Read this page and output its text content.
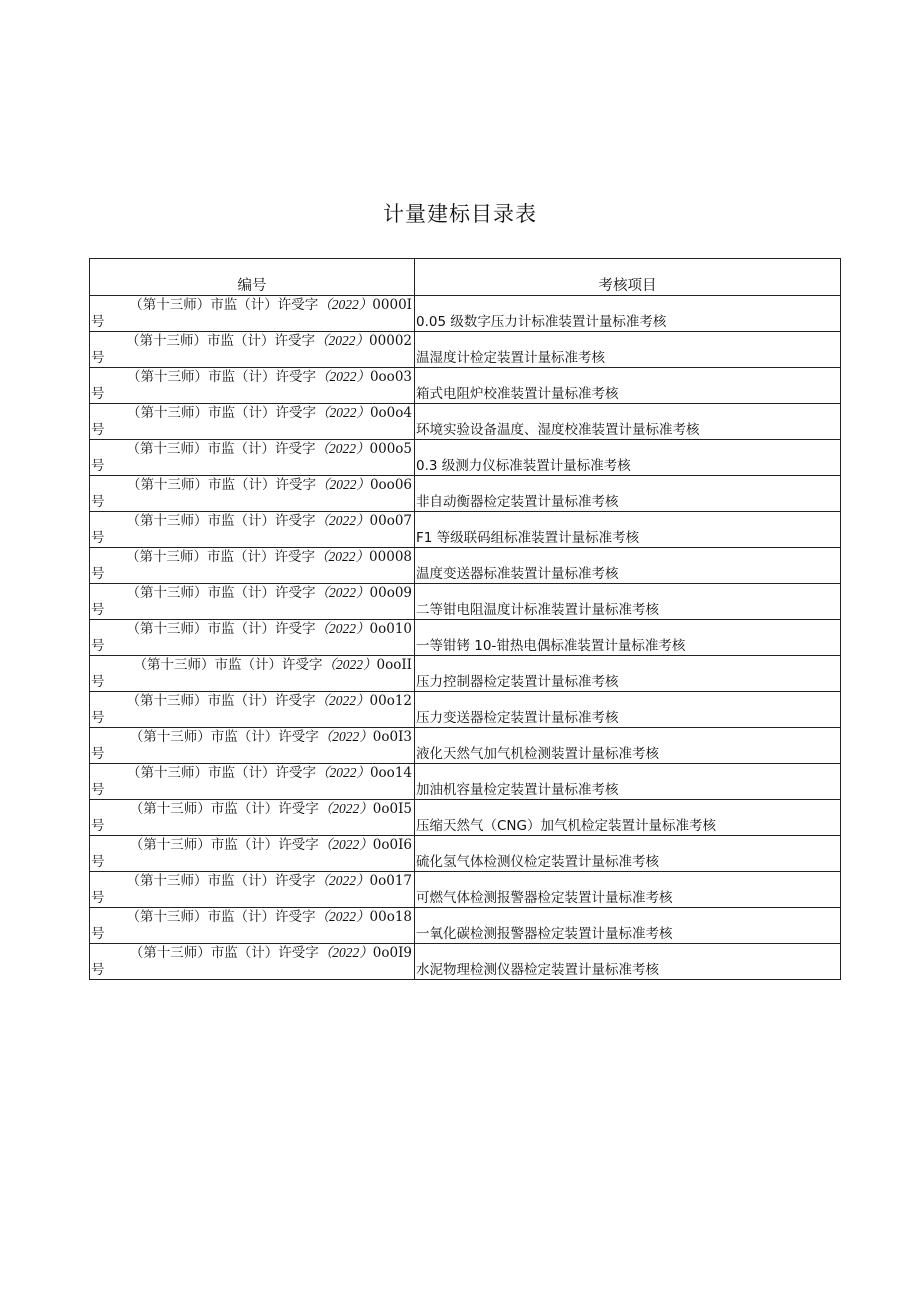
计量建标目录表
编号	考核项目

（第十三师）市监（计）许受字（2022）0000I
号	0.05 级数字压力计标准装置计量标准考核

（第十三师）市监（计）许受字（2022）00002
号	温湿度计检定装置计量标准考核

（第十三师）市监（计）许受字（2022）0oo03
号	箱式电阻炉校准装置计量标准考核

（第十三师）市监（计）许受字（2022）0o0o4
号	环境实验设备温度、湿度校准装置计量标准考核

（第十三师）市监（计）许受字（2022）000o5
号	0.3 级测力仪标准装置计量标准考核

（第十三师）市监（计）许受字（2022）0oo06
号	非自动衡器检定装置计量标准考核

（第十三师）市监（计）许受字（2022）00o07
号	F1 等级联码组标准装置计量标准考核

（第十三师）市监（计）许受字（2022）00008
号	温度变送器标准装置计量标准考核

（第十三师）市监（计）许受字（2022）00o09
号	二等钳电阻温度计标准装置计量标准考核

（第十三师）市监（计）许受字（2022）0o010
号	一等钳铐 10-钳热电偶标准装置计量标准考核

（第十三师）市监（计）许受字（2022）0ooII
号	压力控制器检定装置计量标准考核

（第十三师）市监（计）许受字（2022）00o12
号	压力变送器检定装置计量标准考核

（第十三师）市监（计）许受字（2022）0o0I3
号	液化天然气加气机检测装置计量标准考核

（第十三师）市监（计）许受字（2022）0oo14
号	加油机容量检定装置计量标准考核

（第十三师）市监（计）许受字（2022）0o0I5
号	压缩天然气（CNG）加气机检定装置计量标准考核

（第十三师）市监（计）许受字（2022）0o0I6
号	硫化氢气体检测仪检定装置计量标准考核

（第十三师）市监（计）许受字（2022）0o017
号	可燃气体检测报警器检定装置计量标准考核

（第十三师）市监（计）许受字（2022）00o18
号	一氧化碳检测报警器检定装置计量标准考核

（第十三师）市监（计）许受字（2022）0o0I9
号	水泥物理检测仪器检定装置计量标准考核
